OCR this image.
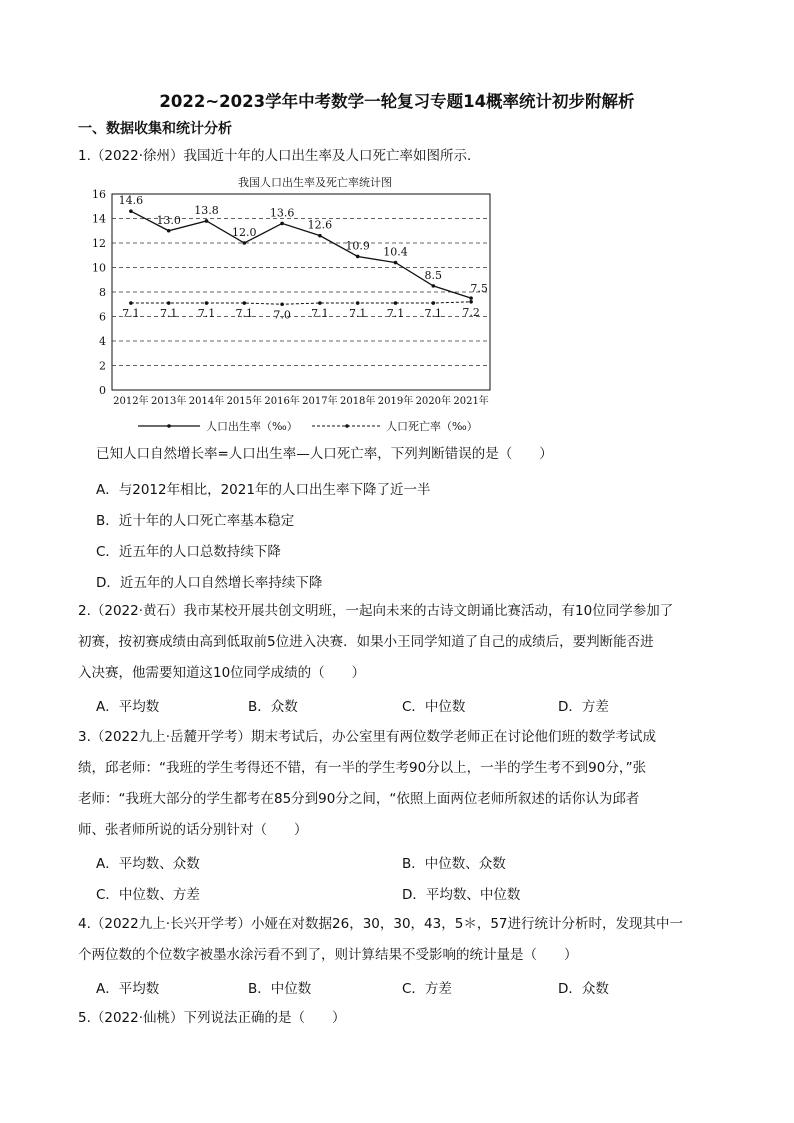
2022~2023学年中考数学一轮复习专题14概率统计初步附解析
一、数据收集和统计分析
1.（2022·徐州）我国近十年的人口出生率及人口死亡率如图所示．
我国人口出生率及死亡率统计图
0
2
4
6
8
10
12
14
16
2012年 2013年 2014年 2015年 2016年 2017年 2018年 2019年 2020年 2021年
14.6
13.0
13.8
12.0
13.6
12.6
10.9 10.4
8.5
7.5
7.1 7.1 7.1 7.1 7.0 7.1 7.1 7.1 7.1 7.2
人口出生率（‰）	人口死亡率（‰）
已知人口自然增长率=人口出生率—人口死亡率，下列判断错误的是（　　）
A．与2012年相比，2021年的人口出生率下降了近一半
B．近十年的人口死亡率基本稳定
C．近五年的人口总数持续下降
D．近五年的人口自然增长率持续下降
2.（2022·黄石）我市某校开展共创文明班，一起向未来的古诗文朗诵比赛活动，有10位同学参加了
初赛，按初赛成绩由高到低取前5位进入决赛．如果小王同学知道了自己的成绩后，要判断能否进
入决赛，他需要知道这10位同学成绩的（　　）
A．平均数	B．众数	C．中位数	D．方差
3.（2022九上·岳麓开学考）期末考试后，办公室里有两位数学老师正在讨论他们班的数学考试成
绩，邱老师：“我班的学生考得还不错，有一半的学生考90分以上，一半的学生考不到90分，”张
老师：“我班大部分的学生都考在85分到90分之间，“依照上面两位老师所叙述的话你认为邱者
师、张者师所说的话分别针对（　　）
A．平均数、众数	B．中位数、众数
C．中位数、方差	D．平均数、中位数
4.（2022九上·长兴开学考）小娅在对数据26，30，30，43，5＊，57进行统计分析时，发现其中一
个两位数的个位数字被墨水涂污看不到了，则计算结果不受影响的统计量是（　　）
A．平均数	B．中位数	C．方差	D．众数
5.（2022·仙桃）下列说法正确的是（　　）
